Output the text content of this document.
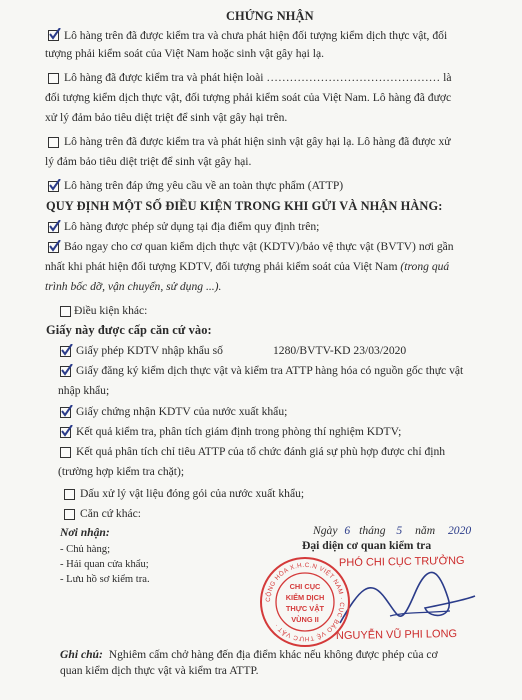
CHỨNG NHẬN
Lô hàng trên đã được kiểm tra và chưa phát hiện đối tượng kiểm dịch thực vật, đối
tượng phải kiểm soát của Việt Nam hoặc sinh vật gây hại lạ.
Lô hàng đã được kiểm tra và phát hiện loài ……………………………………… là
đối tượng kiểm dịch thực vật, đối tượng phải kiểm soát của Việt Nam. Lô hàng đã được
xử lý đảm bảo tiêu diệt triệt để sinh vật gây hại trên.
Lô hàng trên đã được kiểm tra và phát hiện sinh vật gây hại lạ. Lô hàng đã được xử
lý đảm bảo tiêu diệt triệt để sinh vật gây hại.
Lô hàng trên đáp ứng yêu cầu về an toàn thực phẩm (ATTP)
QUY ĐỊNH MỘT SỐ ĐIỀU KIỆN TRONG KHI GỬI VÀ NHẬN HÀNG:
Lô hàng được phép sử dụng tại địa điểm quy định trên;
Báo ngay cho cơ quan kiểm dịch thực vật (KDTV)/bảo vệ thực vật (BVTV) nơi gần
nhất khi phát hiện đối tượng KDTV, đối tượng phải kiểm soát của Việt Nam (trong quá
trình bốc dỡ, vận chuyển, sử dụng ...).
Điều kiện khác:
Giấy này được cấp căn cứ vào:
Giấy phép KDTV nhập khẩu số	1280/BVTV-KD 23/03/2020
Giấy đăng ký kiểm dịch thực vật và kiểm tra ATTP hàng hóa có nguồn gốc thực vật
nhập khẩu;
Giấy chứng nhận KDTV của nước xuất khẩu;
Kết quả kiểm tra, phân tích giám định trong phòng thí nghiệm KDTV;
Kết quả phân tích chỉ tiêu ATTP của tổ chức đánh giá sự phù hợp được chỉ định
(trường hợp kiểm tra chặt);
Dấu xử lý vật liệu đóng gói của nước xuất khẩu;
Căn cứ khác:
Nơi nhận:
- Chủ hàng;
- Hải quan cửa khẩu;
- Lưu hồ sơ kiểm tra.
Ngày 6 tháng 5 năm 2020
Đại diện cơ quan kiểm tra
PHÓ CHI CỤC TRƯỞNG
NGUYỄN VŨ PHI LONG
CỘNG HÒA X.H.C.N VIỆT NAM · CỤC BẢO VỆ THỰC VẬT ·
CHI CỤC
KIỂM DỊCH
THỰC VẬT
VÙNG II
Ghi chú: Nghiêm cấm chở hàng đến địa điểm khác nếu không được phép của cơ
quan kiểm dịch thực vật và kiểm tra ATTP.
